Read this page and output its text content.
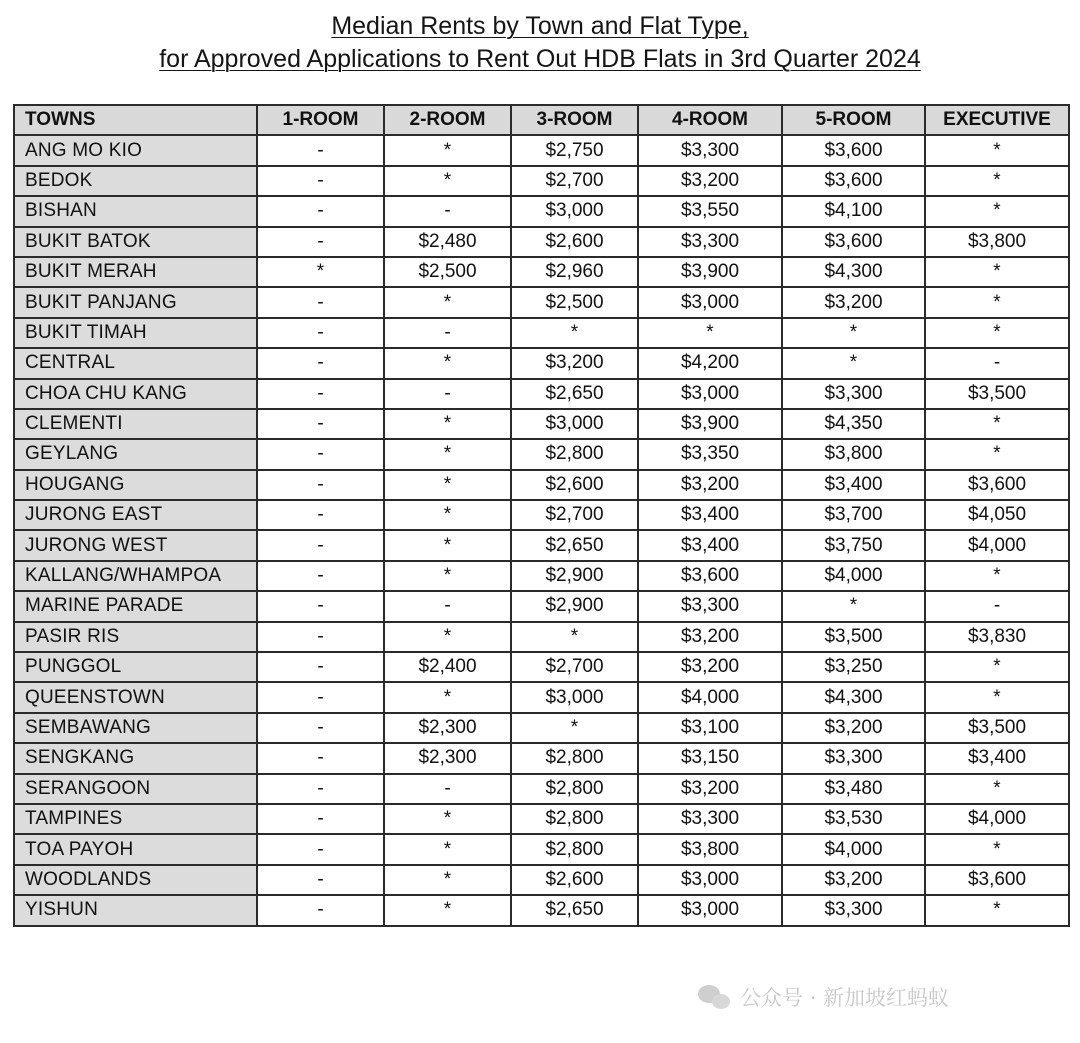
Median Rents by Town and Flat Type,
for Approved Applications to Rent Out HDB Flats in 3rd Quarter 2024
TOWNS	1-ROOM	2-ROOM	3-ROOM	4-ROOM	5-ROOM	EXECUTIVE
ANG MO KIO	-	*	$2,750	$3,300	$3,600	*
BEDOK	-	*	$2,700	$3,200	$3,600	*
BISHAN	-	-	$3,000	$3,550	$4,100	*
BUKIT BATOK	-	$2,480	$2,600	$3,300	$3,600	$3,800
BUKIT MERAH	*	$2,500	$2,960	$3,900	$4,300	*
BUKIT PANJANG	-	*	$2,500	$3,000	$3,200	*
BUKIT TIMAH	-	-	*	*	*	*
CENTRAL	-	*	$3,200	$4,200	*	-
CHOA CHU KANG	-	-	$2,650	$3,000	$3,300	$3,500
CLEMENTI	-	*	$3,000	$3,900	$4,350	*
GEYLANG	-	*	$2,800	$3,350	$3,800	*
HOUGANG	-	*	$2,600	$3,200	$3,400	$3,600
JURONG EAST	-	*	$2,700	$3,400	$3,700	$4,050
JURONG WEST	-	*	$2,650	$3,400	$3,750	$4,000
KALLANG/WHAMPOA	-	*	$2,900	$3,600	$4,000	*
MARINE PARADE	-	-	$2,900	$3,300	*	-
PASIR RIS	-	*	*	$3,200	$3,500	$3,830
PUNGGOL	-	$2,400	$2,700	$3,200	$3,250	*
QUEENSTOWN	-	*	$3,000	$4,000	$4,300	*
SEMBAWANG	-	$2,300	*	$3,100	$3,200	$3,500
SENGKANG	-	$2,300	$2,800	$3,150	$3,300	$3,400
SERANGOON	-	-	$2,800	$3,200	$3,480	*
TAMPINES	-	*	$2,800	$3,300	$3,530	$4,000
TOA PAYOH	-	*	$2,800	$3,800	$4,000	*
WOODLANDS	-	*	$2,600	$3,000	$3,200	$3,600
YISHUN	-	*	$2,650	$3,000	$3,300	*
公众号 · 新加坡红蚂蚁
